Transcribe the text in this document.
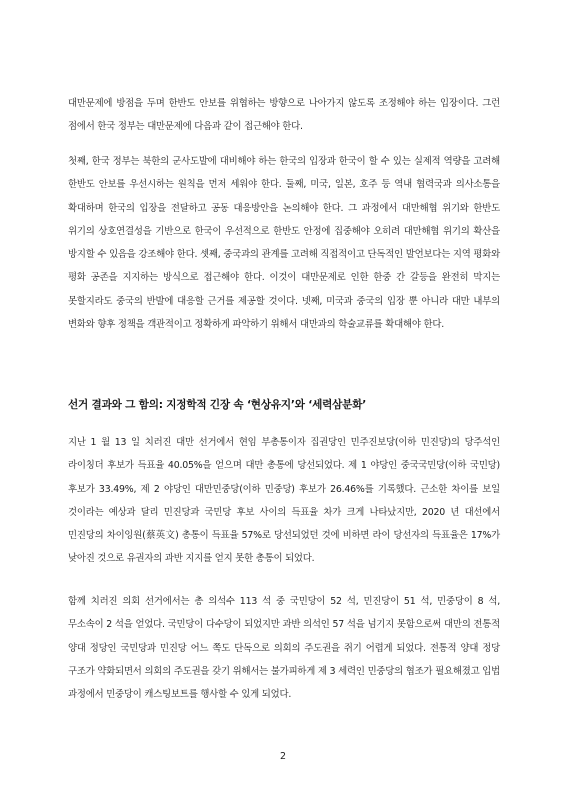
대만문제에 방점을 두며 한반도 안보를 위협하는 방향으로 나아가지 않도록 조정해야 하는 입장이다. 그런 점에서 한국 정부는 대만문제에 다음과 같이 접근해야 한다.

첫째, 한국 정부는 북한의 군사도발에 대비해야 하는 한국의 입장과 한국이 할 수 있는 실제적 역량을 고려해 한반도 안보를 우선시하는 원칙을 먼저 세워야 한다. 둘째, 미국, 일본, 호주 등 역내 협력국과 의사소통을 확대하며 한국의 입장을 전달하고 공동 대응방안을 논의해야 한다. 그 과정에서 대만해협 위기와 한반도 위기의 상호연결성을 기반으로 한국이 우선적으로 한반도 안정에 집중해야 오히려 대만해협 위기의 확산을 방지할 수 있음을 강조해야 한다. 셋째, 중국과의 관계를 고려해 직접적이고 단독적인 발언보다는 지역 평화와 평화 공존을 지지하는 방식으로 접근해야 한다. 이것이 대만문제로 인한 한중 간 갈등을 완전히 막지는 못할지라도 중국의 반발에 대응할 근거를 제공할 것이다. 넷째, 미국과 중국의 입장 뿐 아니라 대만 내부의 변화와 향후 정책을 객관적이고 정확하게 파악하기 위해서 대만과의 학술교류를 확대해야 한다.

선거 결과와 그 함의: 지정학적 긴장 속 ‘현상유지’와 ‘세력삼분화’

지난 1 월 13 일 치러진 대만 선거에서 현임 부총통이자 집권당인 민주진보당(이하 민진당)의 당주석인 라이칭더 후보가 득표율 40.05%을 얻으며 대만 총통에 당선되었다. 제 1 야당인 중국국민당(이하 국민당) 후보가 33.49%, 제 2 야당인 대만민중당(이하 민중당) 후보가 26.46%를 기록했다. 근소한 차이를 보일 것이라는 예상과 달리 민진당과 국민당 후보 사이의 득표율 차가 크게 나타났지만, 2020 년 대선에서 민진당의 차이잉원(蔡英文) 총통이 득표율 57%로 당선되었던 것에 비하면 라이 당선자의 득표율은 17%가 낮아진 것으로 유권자의 과반 지지를 얻지 못한 총통이 되었다.

함께 치러진 의회 선거에서는 총 의석수 113 석 중 국민당이 52 석, 민진당이 51 석, 민중당이 8 석, 무소속이 2 석을 얻었다. 국민당이 다수당이 되었지만 과반 의석인 57 석을 넘기지 못함으로써 대만의 전통적 양대 정당인 국민당과 민진당 어느 쪽도 단독으로 의회의 주도권을 쥐기 어렵게 되었다. 전통적 양대 정당 구조가 약화되면서 의회의 주도권을 갖기 위해서는 불가피하게 제 3 세력인 민중당의 협조가 필요해졌고 입법 과정에서 민중당이 캐스팅보트를 행사할 수 있게 되었다.

2
